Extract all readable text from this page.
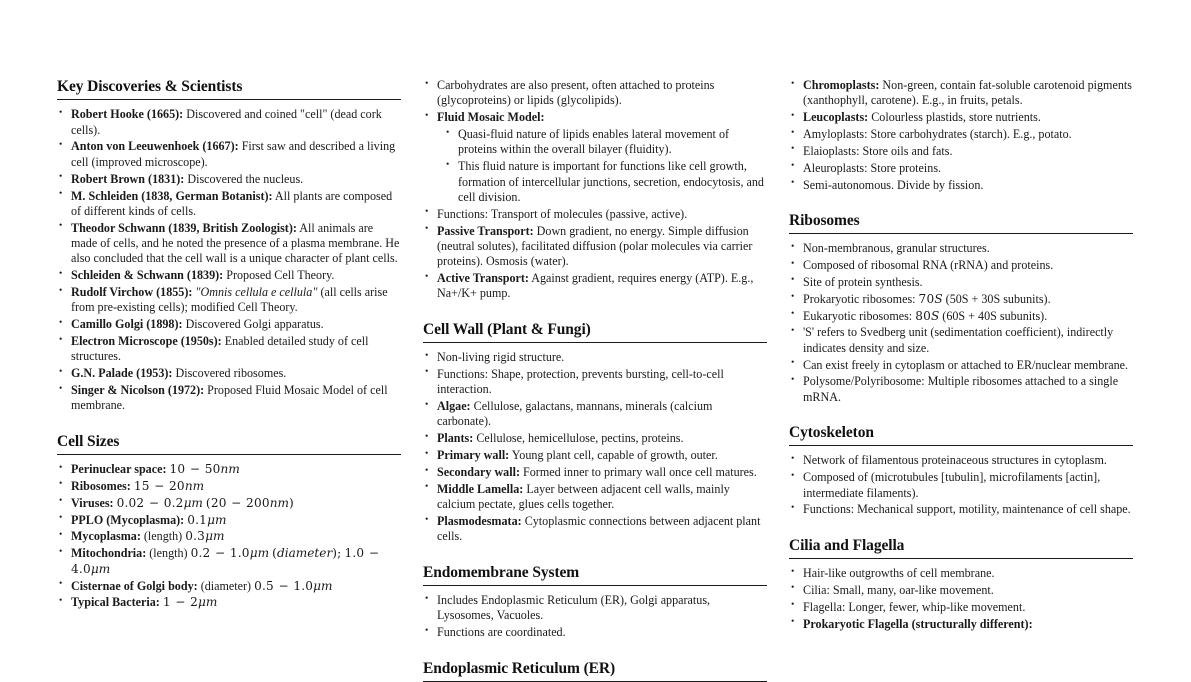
Key Discoveries & Scientists
• Robert Hooke (1665): Discovered and coined "cell" (dead cork cells).
• Anton von Leeuwenhoek (1667): First saw and described a living cell (improved microscope).
• Robert Brown (1831): Discovered the nucleus.
• M. Schleiden (1838, German Botanist): All plants are composed of different kinds of cells.
• Theodor Schwann (1839, British Zoologist): All animals are made of cells, and he noted the presence of a plasma membrane. He also concluded that the cell wall is a unique character of plant cells.
• Schleiden & Schwann (1839): Proposed Cell Theory.
• Rudolf Virchow (1855): "Omnis cellula e cellula" (all cells arise from pre-existing cells); modified Cell Theory.
• Camillo Golgi (1898): Discovered Golgi apparatus.
• Electron Microscope (1950s): Enabled detailed study of cell structures.
• G.N. Palade (1953): Discovered ribosomes.
• Singer & Nicolson (1972): Proposed Fluid Mosaic Model of cell membrane.
Cell Sizes
• Perinuclear space: 10 − 50nm
• Ribosomes: 15 − 20nm
• Viruses: 0.02 − 0.2μm (20 − 200nm)
• PPLO (Mycoplasma): 0.1μm
• Mycoplasma: (length) 0.3μm
• Mitochondria: (length) 0.2 − 1.0μm (diameter); 1.0 − 4.0μm
• Cisternae of Golgi body: (diameter) 0.5 − 1.0μm
• Typical Bacteria: 1 − 2μm
• Carbohydrates are also present, often attached to proteins (glycoproteins) or lipids (glycolipids).
• Fluid Mosaic Model:
• Quasi-fluid nature of lipids enables lateral movement of proteins within the overall bilayer (fluidity).
• This fluid nature is important for functions like cell growth, formation of intercellular junctions, secretion, endocytosis, and cell division.
• Functions: Transport of molecules (passive, active).
• Passive Transport: Down gradient, no energy. Simple diffusion (neutral solutes), facilitated diffusion (polar molecules via carrier proteins). Osmosis (water).
• Active Transport: Against gradient, requires energy (ATP). E.g., Na+/K+ pump.
Cell Wall (Plant & Fungi)
• Non-living rigid structure.
• Functions: Shape, protection, prevents bursting, cell-to-cell interaction.
• Algae: Cellulose, galactans, mannans, minerals (calcium carbonate).
• Plants: Cellulose, hemicellulose, pectins, proteins.
• Primary wall: Young plant cell, capable of growth, outer.
• Secondary wall: Formed inner to primary wall once cell matures.
• Middle Lamella: Layer between adjacent cell walls, mainly calcium pectate, glues cells together.
• Plasmodesmata: Cytoplasmic connections between adjacent plant cells.
Endomembrane System
• Includes Endoplasmic Reticulum (ER), Golgi apparatus, Lysosomes, Vacuoles.
• Functions are coordinated.
Endoplasmic Reticulum (ER)
• Chromoplasts: Non-green, contain fat-soluble carotenoid pigments (xanthophyll, carotene). E.g., in fruits, petals.
• Leucoplasts: Colourless plastids, store nutrients.
• Amyloplasts: Store carbohydrates (starch). E.g., potato.
• Elaioplasts: Store oils and fats.
• Aleuroplasts: Store proteins.
• Semi-autonomous. Divide by fission.
Ribosomes
• Non-membranous, granular structures.
• Composed of ribosomal RNA (rRNA) and proteins.
• Site of protein synthesis.
• Prokaryotic ribosomes: 70S (50S + 30S subunits).
• Eukaryotic ribosomes: 80S (60S + 40S subunits).
• 'S' refers to Svedberg unit (sedimentation coefficient), indirectly indicates density and size.
• Can exist freely in cytoplasm or attached to ER/nuclear membrane.
• Polysome/Polyribosome: Multiple ribosomes attached to a single mRNA.
Cytoskeleton
• Network of filamentous proteinaceous structures in cytoplasm.
• Composed of (microtubules [tubulin], microfilaments [actin], intermediate filaments).
• Functions: Mechanical support, motility, maintenance of cell shape.
Cilia and Flagella
• Hair-like outgrowths of cell membrane.
• Cilia: Small, many, oar-like movement.
• Flagella: Longer, fewer, whip-like movement.
• Prokaryotic Flagella (structurally different):
